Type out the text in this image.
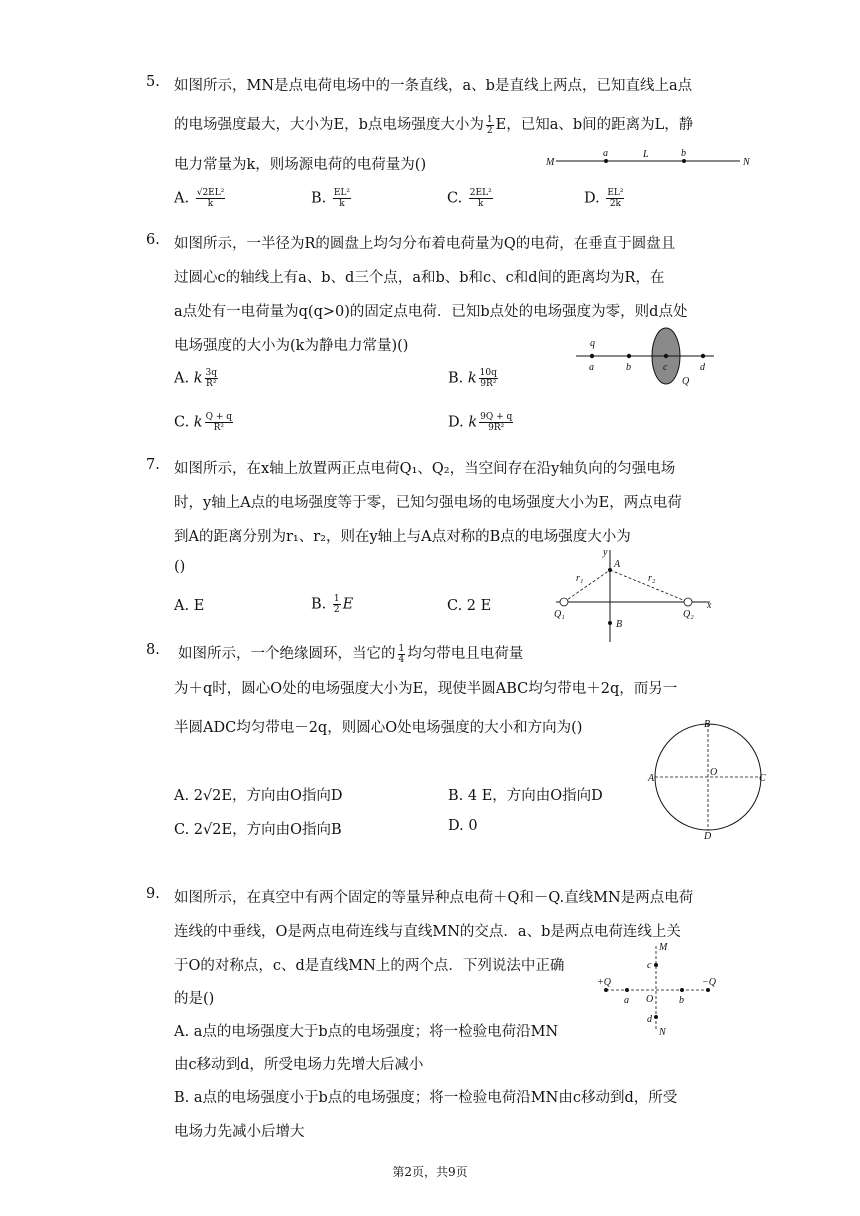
5. 如图所示，MN是点电荷电场中的一条直线，a、b是直线上两点，已知直线上a点
的电场强度最大，大小为E，b点电场强度大小为 $\frac{1}{2}$ E，已知a、b间的距离为L，静
电力常量为k，则场源电荷的电荷量为()
A. $\frac{\text{√2EL²}}{k}$	B. $\frac{\text{EL²}}{k}$	C. $\frac{\text{2EL²}}{k}$	D. $\frac{\text{EL²}}{2k}$
M
a	L	b
N
6. 如图所示，一半径为R的圆盘上均匀分布着电荷量为Q的电荷，在垂直于圆盘且
过圆心c的轴线上有a、b、d三个点，a和b、b和c、c和d间的距离均为R，在
a点处有一电荷量为q(q>0)的固定点电荷．已知b点处的电场强度为零，则d点处
电场强度的大小为(k为静电力常量)()
A. k $\frac{3q}{\text{R²}}$	B. k $\frac{10q}{\text{9R²}}$
C. k $\frac{Q + q}{\text{R²}}$	D. k $\frac{9Q + q}{\text{9R²}}$
q
a	b	c	d
Q
7. 如图所示，在x轴上放置两正点电荷Q₁、Q₂，当空间存在沿y轴负向的匀强电场
时，y轴上A点的电场强度等于零，已知匀强电场的电场强度大小为E，两点电荷
到A的距离分别为r₁、r₂，则在y轴上与A点对称的B点的电场强度大小为
()
A. E	B. $\frac{1}{2}$ E	C. 2 E
y
A
r₁	r₂
Q₁	Q₂
x
B
8. 如图所示，一个绝缘圆环，当它的 $\frac{1}{4}$ 均匀带电且电荷量
为＋q时，圆心O处的电场强度大小为E，现使半圆ABC均匀带电＋2q，而另一
半圆ADC均匀带电－2q，则圆心O处电场强度的大小和方向为()
A. 2√2E，方向由O指向D	B. 4 E，方向由O指向D
C. 2√2E，方向由O指向B	D. 0
B
A	C
D
O
9. 如图所示，在真空中有两个固定的等量异种点电荷＋Q和－Q.直线MN是两点电荷
连线的中垂线，O是两点电荷连线与直线MN的交点．a、b是两点电荷连线上关
于O的对称点，c、d是直线MN上的两个点．下列说法中正确
的是()
A. a点的电场强度大于b点的电场强度；将一检验电荷沿MN
由c移动到d，所受电场力先增大后减小
B. a点的电场强度小于b点的电场强度；将一检验电荷沿MN由c移动到d，所受
电场力先减小后增大
M
N
c
d
+Q	−Q
a O	b
第2页，共9页
